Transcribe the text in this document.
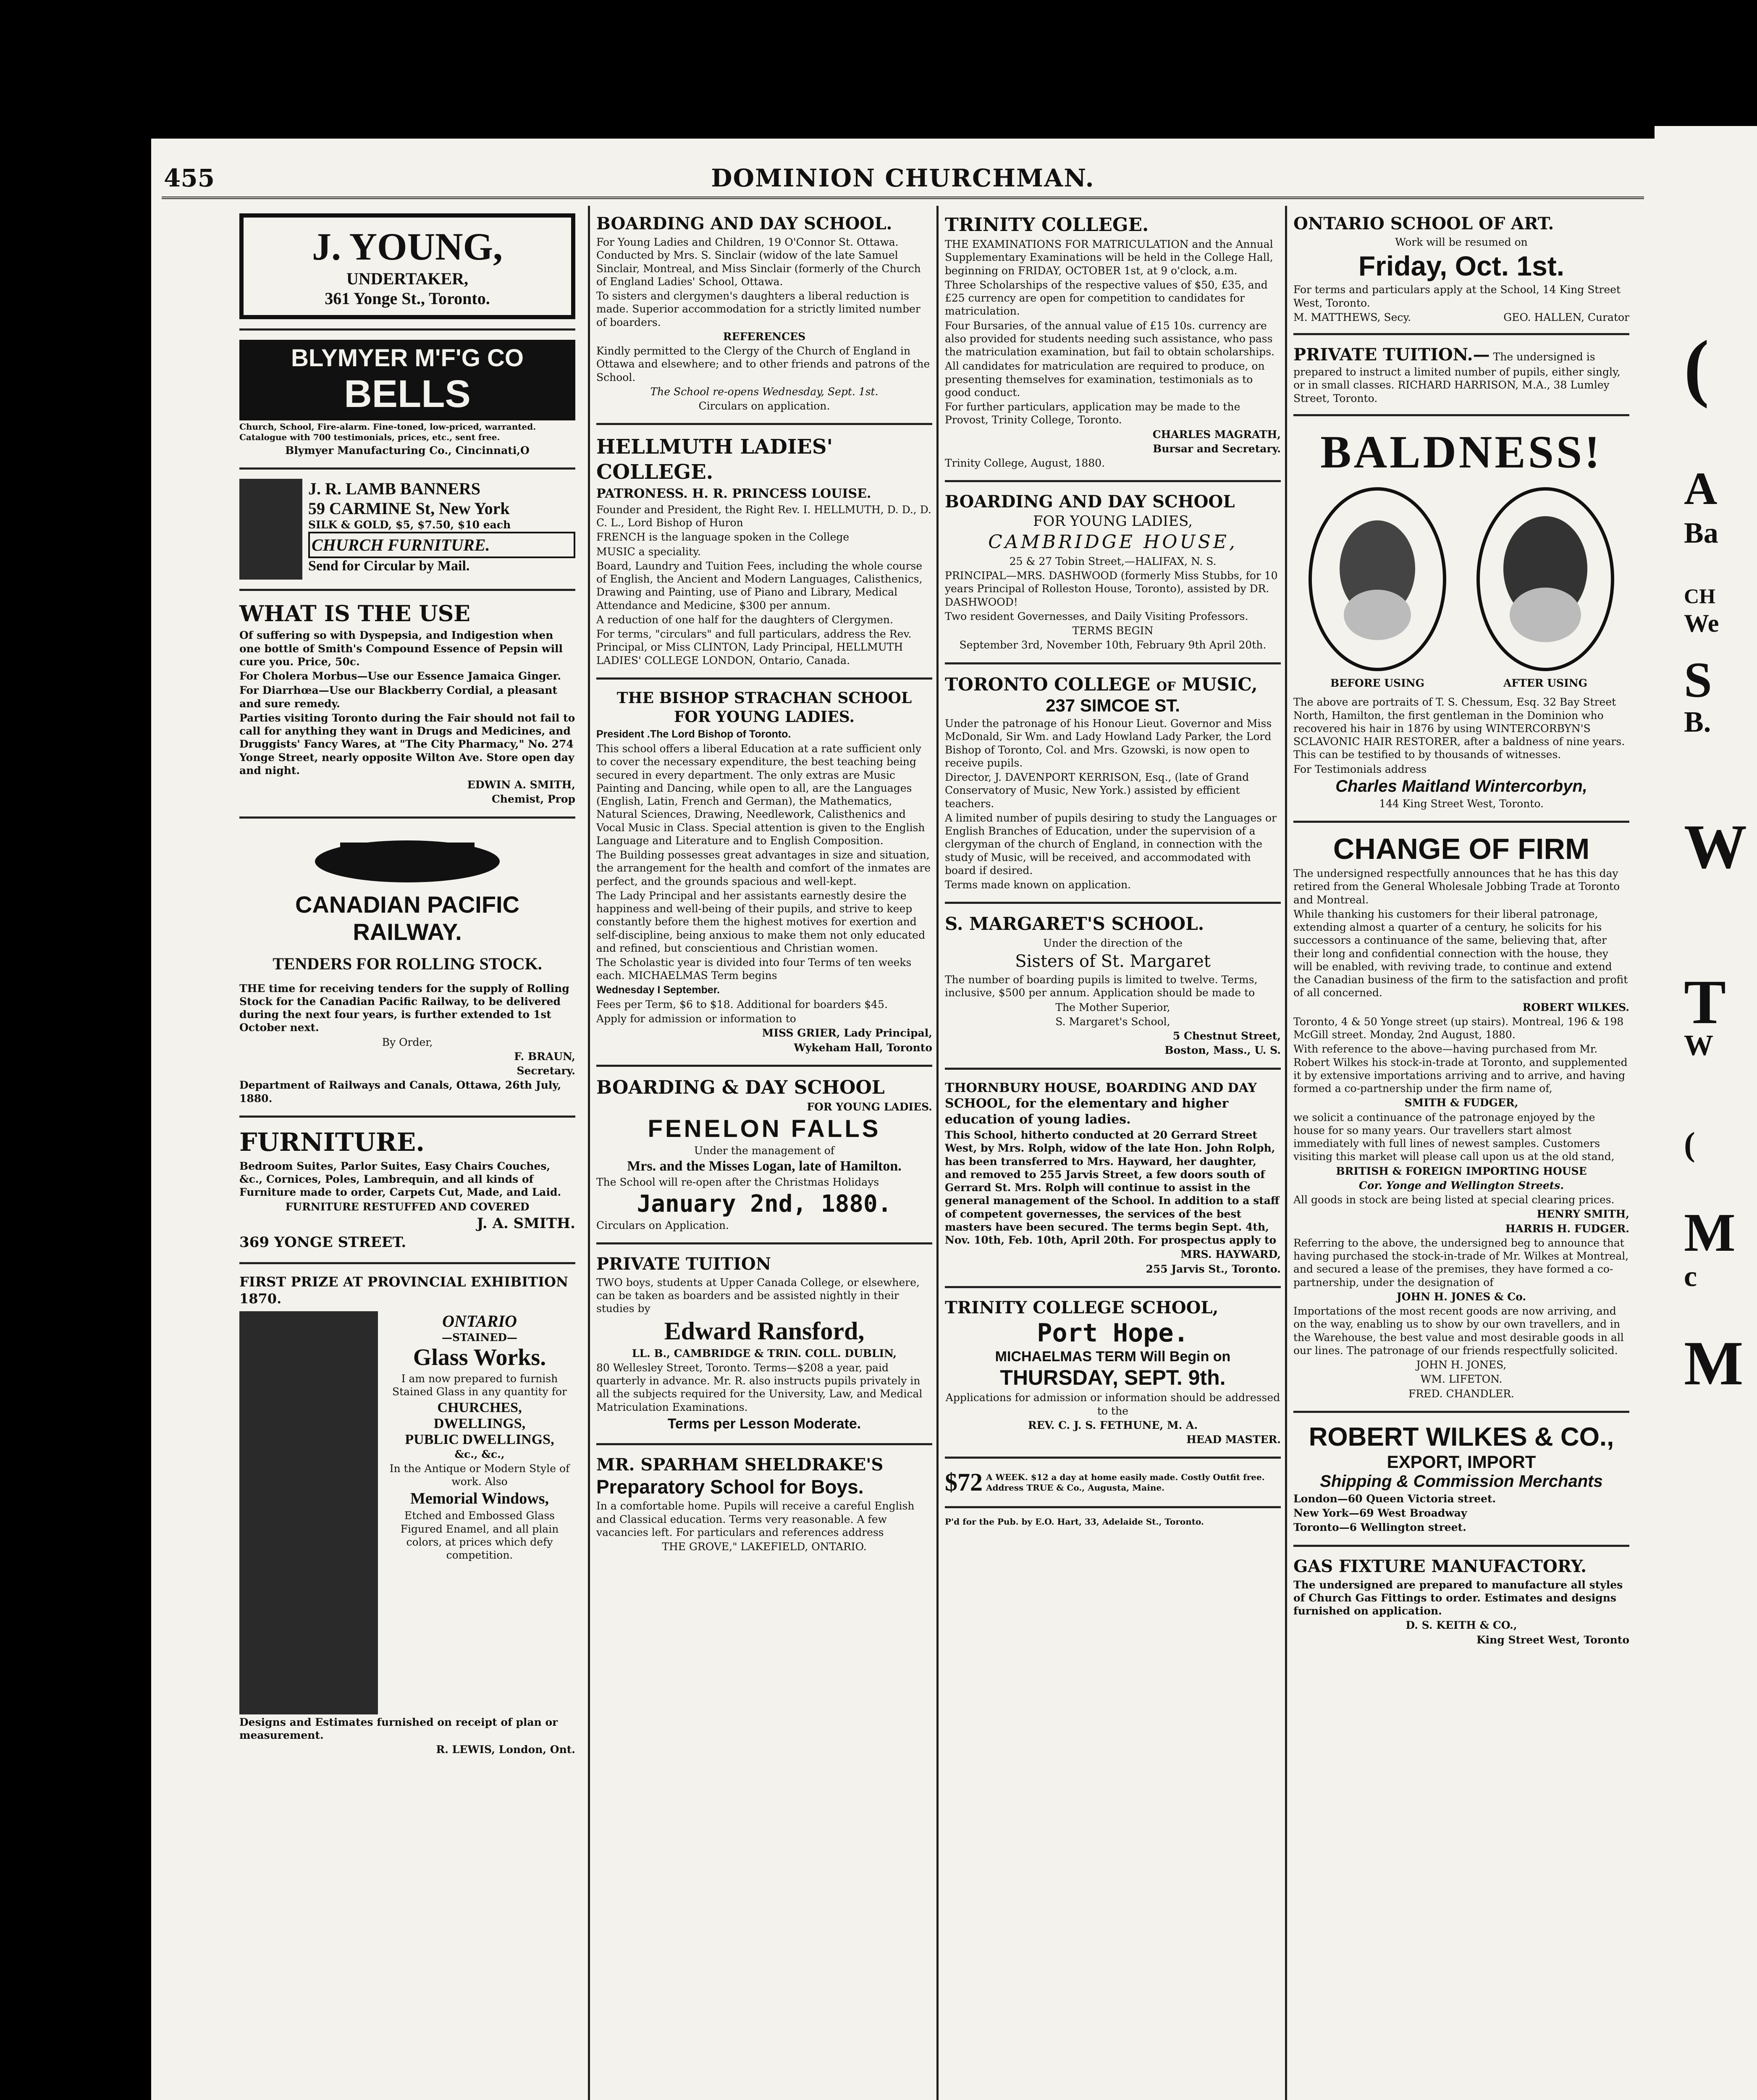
455	DOMINION CHURCHMAN.
J. YOUNG,
UNDERTAKER,
361 Yonge St., Toronto.
BLYMYER M'F'G CO
BELLS

Church, School, Fire-alarm. Fine-toned, low-priced, warranted. Catalogue with 700 testimonials, prices, etc., sent free.

Blymyer Manufacturing Co., Cincinnati,O

J. R. LAMB BANNERS
59 CARMINE St, New York
SILK & GOLD, $5, $7.50, $10 each
CHURCH FURNITURE.
Send for Circular by Mail.
WHAT IS THE USE

Of suffering so with Dyspepsia, and Indigestion when one bottle of Smith's Compound Essence of Pepsin will cure you. Price, 50c.

For Cholera Morbus—Use our Essence Jamaica Ginger.

For Diarrhœa—Use our Blackberry Cordial, a pleasant and sure remedy.

Parties visiting Toronto during the Fair should not fail to call for anything they want in Drugs and Medicines, and Druggists' Fancy Wares, at "The City Pharmacy," No. 274 Yonge Street, nearly opposite Wilton Ave. Store open day and night.

EDWIN A. SMITH,

Chemist, Prop

CANADIAN PACIFIC
RAILWAY.
TENDERS FOR ROLLING STOCK.

THE time for receiving tenders for the supply of Rolling Stock for the Canadian Pacific Railway, to be delivered during the next four years, is further extended to 1st October next.

By Order,

F. BRAUN,

Secretary.

Department of Railways and Canals, Ottawa, 26th July, 1880.

FURNITURE.

Bedroom Suites, Parlor Suites, Easy Chairs Couches, &c., Cornices, Poles, Lambrequin, and all kinds of Furniture made to order, Carpets Cut, Made, and Laid.

FURNITURE RESTUFFED AND COVERED

J. A. SMITH.

369 YONGE STREET.

FIRST PRIZE AT PROVINCIAL EXHIBITION 1870.
ONTARIO
—STAINED—
Glass Works.

I am now prepared to furnish Stained Glass in any quantity for

CHURCHES,
DWELLINGS,
PUBLIC DWELLINGS,
&c., &c.,

In the Antique or Modern Style of work. Also

Memorial Windows,

Etched and Embossed Glass Figured Enamel, and all plain colors, at prices which defy competition.

Designs and Estimates furnished on receipt of plan or measurement.

R. LEWIS, London, Ont.

BOARDING AND DAY SCHOOL.

For Young Ladies and Children, 19 O'Connor St. Ottawa. Conducted by Mrs. S. Sinclair (widow of the late Samuel Sinclair, Montreal, and Miss Sinclair (formerly of the Church of England Ladies' School, Ottawa.

To sisters and clergymen's daughters a liberal reduction is made. Superior accommodation for a strictly limited number of boarders.

REFERENCES

Kindly permitted to the Clergy of the Church of England in Ottawa and elsewhere; and to other friends and patrons of the School.

The School re-opens Wednesday, Sept. 1st.

Circulars on application.

HELLMUTH LADIES' COLLEGE.

PATRONESS. H. R. PRINCESS LOUISE.

Founder and President, the Right Rev. I. HELLMUTH, D. D., D. C. L., Lord Bishop of Huron

FRENCH is the language spoken in the College

MUSIC a speciality.

Board, Laundry and Tuition Fees, including the whole course of English, the Ancient and Modern Languages, Calisthenics, Drawing and Painting, use of Piano and Library, Medical Attendance and Medicine, $300 per annum.

A reduction of one half for the daughters of Clergymen.

For terms, "circulars" and full particulars, address the Rev. Principal, or Miss CLINTON, Lady Principal, HELLMUTH LADIES' COLLEGE LONDON, Ontario, Canada.

THE BISHOP STRACHAN SCHOOL FOR YOUNG LADIES.

President .The Lord Bishop of Toronto.

This school offers a liberal Education at a rate sufficient only to cover the necessary expenditure, the best teaching being secured in every department. The only extras are Music Painting and Dancing, while open to all, are the Languages (English, Latin, French and German), the Mathematics, Natural Sciences, Drawing, Needlework, Calisthenics and Vocal Music in Class. Special attention is given to the English Language and Literature and to English Composition.

The Building possesses great advantages in size and situation, the arrangement for the health and comfort of the inmates are perfect, and the grounds spacious and well-kept.

The Lady Principal and her assistants earnestly desire the happiness and well-being of their pupils, and strive to keep constantly before them the highest motives for exertion and self-discipline, being anxious to make them not only educated and refined, but conscientious and Christian women.

The Scholastic year is divided into four Terms of ten weeks each. MICHAELMAS Term begins

Wednesday I September.

Fees per Term, $6 to $18. Additional for boarders $45.

Apply for admission or information to

MISS GRIER, Lady Principal,

Wykeham Hall, Toronto

BOARDING & DAY SCHOOL

FOR YOUNG LADIES.

FENELON FALLS

Under the management of

Mrs. and the Misses Logan, late of Hamilton.

The School will re-open after the Christmas Holidays

January 2nd, 1880.

Circulars on Application.

PRIVATE TUITION

TWO boys, students at Upper Canada College, or elsewhere, can be taken as boarders and be assisted nightly in their studies by

Edward Ransford,

LL. B., CAMBRIDGE & TRIN. COLL. DUBLIN,

80 Wellesley Street, Toronto. Terms—$208 a year, paid quarterly in advance. Mr. R. also instructs pupils privately in all the subjects required for the University, Law, and Medical Matriculation Examinations.

Terms per Lesson Moderate.

MR. SPARHAM SHELDRAKE'S
Preparatory School for Boys.

In a comfortable home. Pupils will receive a careful English and Classical education. Terms very reasonable. A few vacancies left. For particulars and references address

THE GROVE," LAKEFIELD, ONTARIO.

TRINITY COLLEGE.

THE EXAMINATIONS FOR MATRICULATION and the Annual Supplementary Examinations will be held in the College Hall, beginning on FRIDAY, OCTOBER 1st, at 9 o'clock, a.m.

Three Scholarships of the respective values of $50, £35, and £25 currency are open for competition to candidates for matriculation.

Four Bursaries, of the annual value of £15 10s. currency are also provided for students needing such assistance, who pass the matriculation examination, but fail to obtain scholarships.

All candidates for matriculation are required to produce, on presenting themselves for examination, testimonials as to good conduct.

For further particulars, application may be made to the Provost, Trinity College, Toronto.

CHARLES MAGRATH,

Bursar and Secretary.

Trinity College, August, 1880.

BOARDING AND DAY SCHOOL
FOR YOUNG LADIES,
CAMBRIDGE HOUSE,

25 & 27 Tobin Street,—HALIFAX, N. S.

PRINCIPAL—MRS. DASHWOOD (formerly Miss Stubbs, for 10 years Principal of Rolleston House, Toronto), assisted by DR. DASHWOOD!

Two resident Governesses, and Daily Visiting Professors.

TERMS BEGIN

September 3rd, November 10th, February 9th April 20th.

TORONTO COLLEGE of MUSIC,
237 SIMCOE ST.

Under the patronage of his Honour Lieut. Governor and Miss McDonald, Sir Wm. and Lady Howland Lady Parker, the Lord Bishop of Toronto, Col. and Mrs. Gzowski, is now open to receive pupils.

Director, J. DAVENPORT KERRISON, Esq., (late of Grand Conservatory of Music, New York.) assisted by efficient teachers.

A limited number of pupils desiring to study the Languages or English Branches of Education, under the supervision of a clergyman of the church of England, in connection with the study of Music, will be received, and accommodated with board if desired.

Terms made known on application.

S. MARGARET'S SCHOOL.

Under the direction of the

Sisters of St. Margaret

The number of boarding pupils is limited to twelve. Terms, inclusive, $500 per annum. Application should be made to

The Mother Superior,

S. Margaret's School,

5 Chestnut Street,

Boston, Mass., U. S.

THORNBURY HOUSE, BOARDING AND DAY SCHOOL, for the elementary and higher education of young ladies.

This School, hitherto conducted at 20 Gerrard Street West, by Mrs. Rolph, widow of the late Hon. John Rolph, has been transferred to Mrs. Hayward, her daughter, and removed to 255 Jarvis Street, a few doors south of Gerrard St. Mrs. Rolph will continue to assist in the general management of the School. In addition to a staff of competent governesses, the services of the best masters have been secured. The terms begin Sept. 4th, Nov. 10th, Feb. 10th, April 20th. For prospectus apply to

MRS. HAYWARD,

255 Jarvis St., Toronto.

TRINITY COLLEGE SCHOOL,
Port Hope.
MICHAELMAS TERM Will Begin on
THURSDAY, SEPT. 9th.

Applications for admission or information should be addressed to the

REV. C. J. S. FETHUNE, M. A.

HEAD MASTER.

$72 A WEEK. $12 a day at home easily made. Costly Outfit free. Address TRUE & Co., Augusta, Maine.

P'd for the Pub. by E.O. Hart, 33, Adelaide St., Toronto.

ONTARIO SCHOOL OF ART.

Work will be resumed on

Friday, Oct. 1st.

For terms and particulars apply at the School, 14 King Street West, Toronto.

M. MATTHEWS, Secy.	GEO. HALLEN, Curator
PRIVATE TUITION.— The undersigned is prepared to instruct a limited number of pupils, either singly, or in small classes. RICHARD HARRISON, M.A., 38 Lumley Street, Toronto.
BALDNESS!
BEFORE USING	AFTER USING

The above are portraits of T. S. Chessum, Esq. 32 Bay Street North, Hamilton, the first gentleman in the Dominion who recovered his hair in 1876 by using WINTERCORBYN'S SCLAVONIC HAIR RESTORER, after a baldness of nine years. This can be testified to by thousands of witnesses.

For Testimonials address

Charles Maitland Wintercorbyn,

144 King Street West, Toronto.

CHANGE OF FIRM

The undersigned respectfully announces that he has this day retired from the General Wholesale Jobbing Trade at Toronto and Montreal.

While thanking his customers for their liberal patronage, extending almost a quarter of a century, he solicits for his successors a continuance of the same, believing that, after their long and confidential connection with the house, they will be enabled, with reviving trade, to continue and extend the Canadian business of the firm to the satisfaction and profit of all concerned.

ROBERT WILKES.

Toronto, 4 & 50 Yonge street (up stairs). Montreal, 196 & 198 McGill street. Monday, 2nd August, 1880.

With reference to the above—having purchased from Mr. Robert Wilkes his stock-in-trade at Toronto, and supplemented it by extensive importations arriving and to arrive, and having formed a co-partnership under the firm name of,

SMITH & FUDGER,

we solicit a continuance of the patronage enjoyed by the house for so many years. Our travellers start almost immediately with full lines of newest samples. Customers visiting this market will please call upon us at the old stand,

BRITISH & FOREIGN IMPORTING HOUSE

Cor. Yonge and Wellington Streets.

All goods in stock are being listed at special clearing prices.

HENRY SMITH,

HARRIS H. FUDGER.

Referring to the above, the undersigned beg to announce that having purchased the stock-in-trade of Mr. Wilkes at Montreal, and secured a lease of the premises, they have formed a co-partnership, under the designation of

JOHN H. JONES & Co.

Importations of the most recent goods are now arriving, and on the way, enabling us to show by our own travellers, and in the Warehouse, the best value and most desirable goods in all our lines. The patronage of our friends respectfully solicited.

JOHN H. JONES,

WM. LIFETON.

FRED. CHANDLER.

ROBERT WILKES & CO.,
EXPORT, IMPORT
Shipping & Commission Merchants

London—60 Queen Victoria street.

New York—69 West Broadway

Toronto—6 Wellington street.

GAS FIXTURE MANUFACTORY.

The undersigned are prepared to manufacture all styles of Church Gas Fittings to order. Estimates and designs furnished on application.

D. S. KEITH & CO.,

King Street West, Toronto

(
A
Ba
CH
We
S
B.
W
T
W
(
M
c
M
